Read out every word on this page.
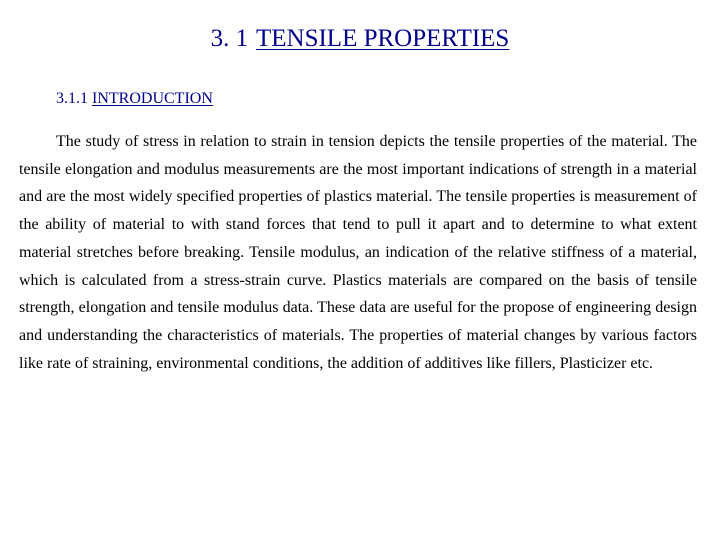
3. 1 TENSILE PROPERTIES
3.1.1 INTRODUCTION

The study of stress in relation to strain in tension depicts the tensile properties of the material. The tensile elongation and modulus measurements are the most important indications of strength in a material and are the most widely specified properties of plastics material. The tensile properties is measurement of the ability of material to with stand forces that tend to pull it apart and to determine to what extent material stretches before breaking. Tensile modulus, an indication of the relative stiffness of a material, which is calculated from a stress-strain curve. Plastics materials are compared on the basis of tensile strength, elongation and tensile modulus data. These data are useful for the propose of engineering design and understanding the characteristics of materials. The properties of material changes by various factors like rate of straining, environmental conditions, the addition of additives like fillers, Plasticizer etc.
